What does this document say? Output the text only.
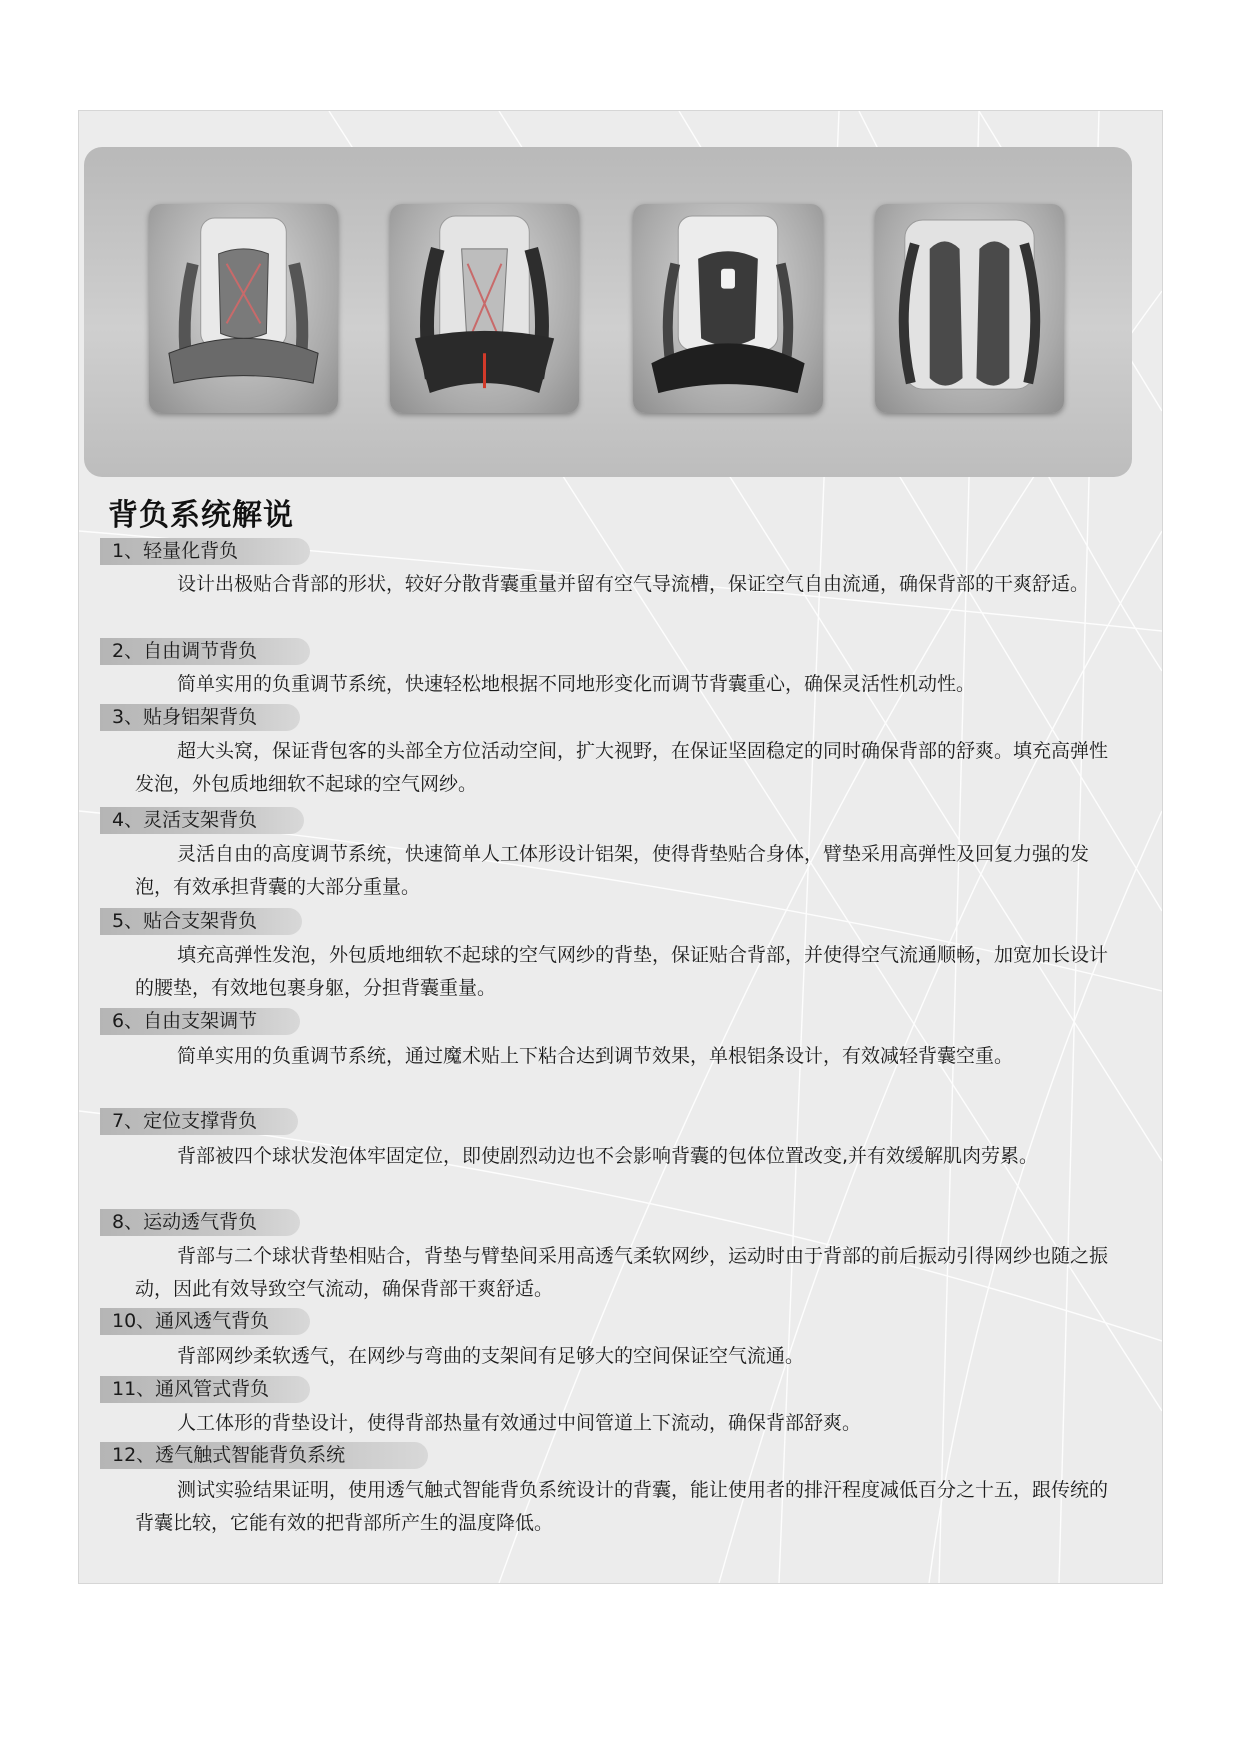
背负系统解说
1、轻量化背负
设计出极贴合背部的形状，较好分散背囊重量并留有空气导流槽，保证空气自由流通，确保背部的干爽舒适。
2、自由调节背负
简单实用的负重调节系统，快速轻松地根据不同地形变化而调节背囊重心，确保灵活性机动性。
3、贴身铝架背负
超大头窝，保证背包客的头部全方位活动空间，扩大视野，在保证坚固稳定的同时确保背部的舒爽。填充高弹性发泡，外包质地细软不起球的空气网纱。
4、灵活支架背负
灵活自由的高度调节系统，快速简单人工体形设计铝架，使得背垫贴合身体，臂垫采用高弹性及回复力强的发泡，有效承担背囊的大部分重量。
5、贴合支架背负
填充高弹性发泡，外包质地细软不起球的空气网纱的背垫，保证贴合背部，并使得空气流通顺畅，加宽加长设计的腰垫，有效地包裹身躯，分担背囊重量。
6、自由支架调节
简单实用的负重调节系统，通过魔术贴上下粘合达到调节效果，单根铝条设计，有效减轻背囊空重。
7、定位支撑背负
背部被四个球状发泡体牢固定位，即使剧烈动边也不会影响背囊的包体位置改变,并有效缓解肌肉劳累。
8、运动透气背负
背部与二个球状背垫相贴合，背垫与臂垫间采用高透气柔软网纱，运动时由于背部的前后振动引得网纱也随之振动，因此有效导致空气流动，确保背部干爽舒适。
10、通风透气背负
背部网纱柔软透气，在网纱与弯曲的支架间有足够大的空间保证空气流通。
11、通风管式背负
人工体形的背垫设计，使得背部热量有效通过中间管道上下流动，确保背部舒爽。
12、透气触式智能背负系统
测试实验结果证明，使用透气触式智能背负系统设计的背囊，能让使用者的排汗程度减低百分之十五，跟传统的背囊比较，它能有效的把背部所产生的温度降低。
